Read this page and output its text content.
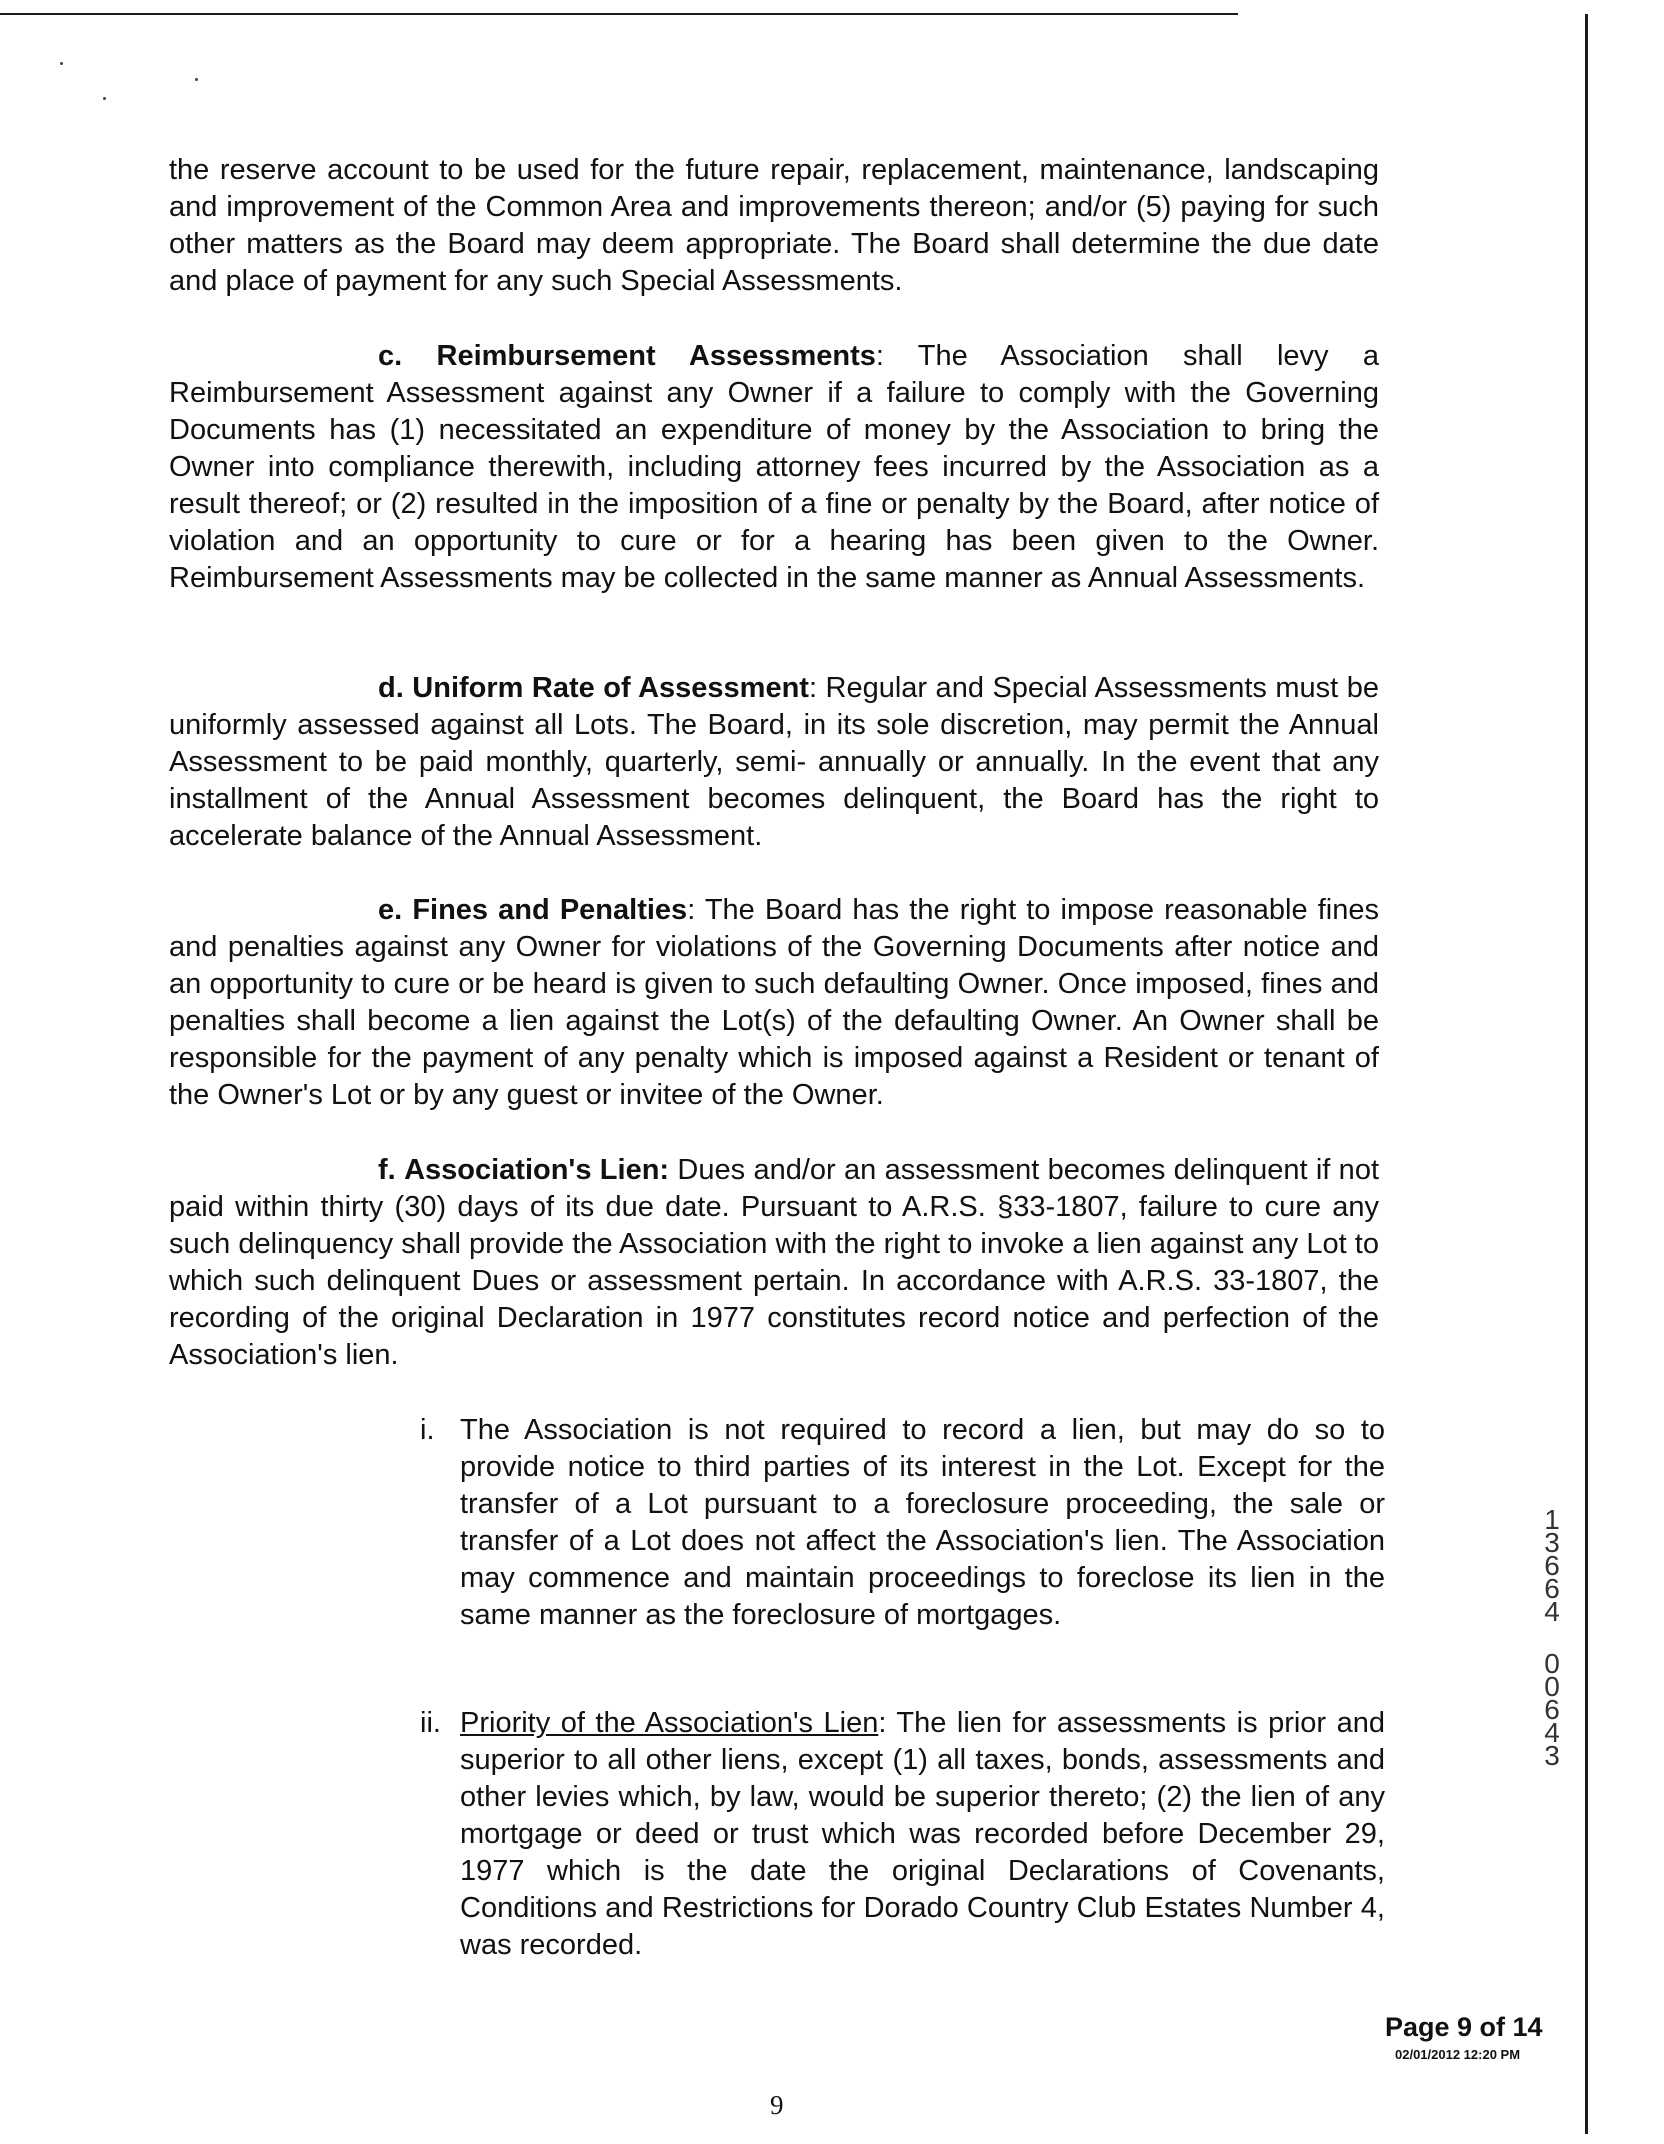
the reserve account to be used for the future repair, replacement, maintenance, landscaping and improvement of the Common Area and improvements thereon; and/or (5) paying for such other matters as the Board may deem appropriate. The Board shall determine the due date and place of payment for any such Special Assessments.

c. Reimbursement Assessments: The Association shall levy a Reimbursement Assessment against any Owner if a failure to comply with the Governing Documents has (1) necessitated an expenditure of money by the Association to bring the Owner into compliance therewith, including attorney fees incurred by the Association as a result thereof; or (2) resulted in the imposition of a fine or penalty by the Board, after notice of violation and an opportunity to cure or for a hearing has been given to the Owner. Reimbursement Assessments may be collected in the same manner as Annual Assessments.

d. Uniform Rate of Assessment: Regular and Special Assessments must be uniformly assessed against all Lots. The Board, in its sole discretion, may permit the Annual Assessment to be paid monthly, quarterly, semi- annually or annually. In the event that any installment of the Annual Assessment becomes delinquent, the Board has the right to accelerate balance of the Annual Assessment.

e. Fines and Penalties: The Board has the right to impose reasonable fines and penalties against any Owner for violations of the Governing Documents after notice and an opportunity to cure or be heard is given to such defaulting Owner. Once imposed, fines and penalties shall become a lien against the Lot(s) of the defaulting Owner. An Owner shall be responsible for the payment of any penalty which is imposed against a Resident or tenant of the Owner's Lot or by any guest or invitee of the Owner.

f. Association's Lien: Dues and/or an assessment becomes delinquent if not paid within thirty (30) days of its due date. Pursuant to A.R.S. §33-1807, failure to cure any such delinquency shall provide the Association with the right to invoke a lien against any Lot to which such delinquent Dues or assessment pertain. In accordance with A.R.S. 33-1807, the recording of the original Declaration in 1977 constitutes record notice and perfection of the Association's lien.

i. The Association is not required to record a lien, but may do so to provide notice to third parties of its interest in the Lot. Except for the transfer of a Lot pursuant to a foreclosure proceeding, the sale or transfer of a Lot does not affect the Association's lien. The Association may commence and maintain proceedings to foreclose its lien in the same manner as the foreclosure of mortgages.

ii. Priority of the Association's Lien: The lien for assessments is prior and superior to all other liens, except (1) all taxes, bonds, assessments and other levies which, by law, would be superior thereto; (2) the lien of any mortgage or deed or trust which was recorded before December 29, 1977 which is the date the original Declarations of Covenants, Conditions and Restrictions for Dorado Country Club Estates Number 4, was recorded.

1
3
6
6
4
0
0
6
4
3
Page 9 of 14
02/01/2012 12:20 PM
9
